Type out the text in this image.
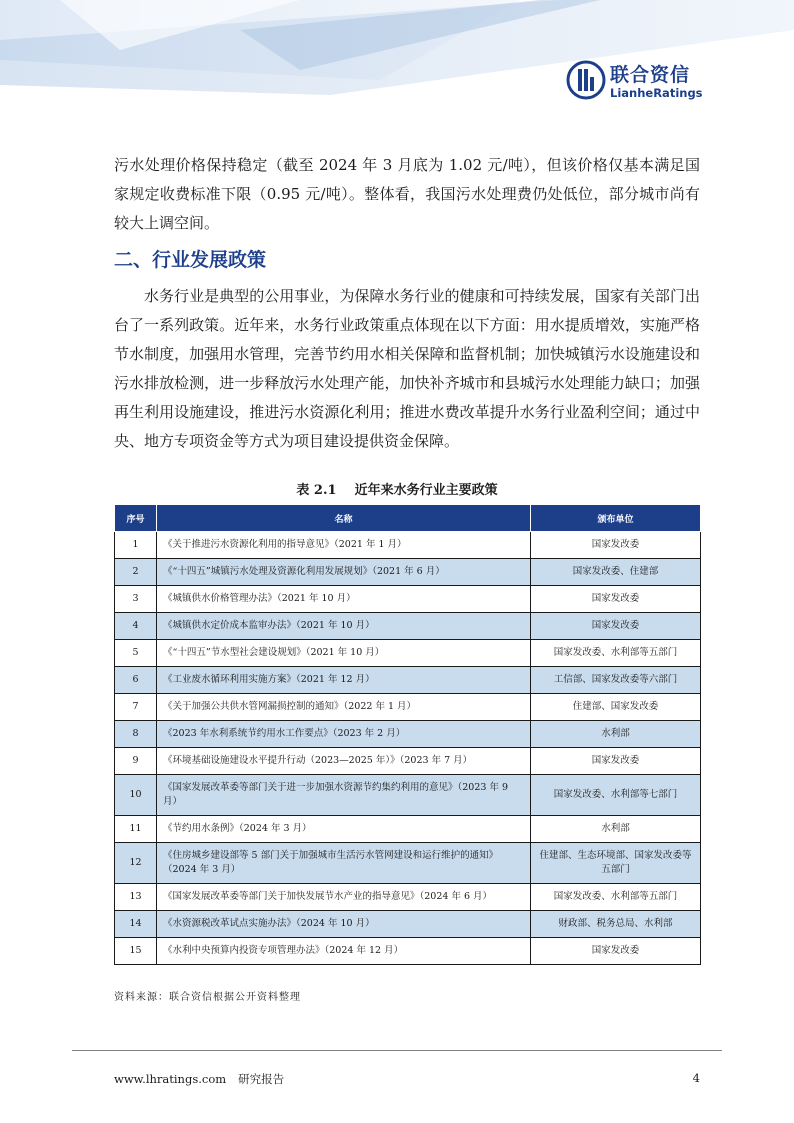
联合资信
LianheRatings

污水处理价格保持稳定（截至 2024 年 3 月底为 1.02 元/吨），但该价格仅基本满足国家规定收费标准下限（0.95 元/吨）。整体看，我国污水处理费仍处低位，部分城市尚有较大上调空间。

二、行业发展政策

水务行业是典型的公用事业，为保障水务行业的健康和可持续发展，国家有关部门出台了一系列政策。近年来，水务行业政策重点体现在以下方面：用水提质增效，实施严格节水制度，加强用水管理，完善节约用水相关保障和监督机制；加快城镇污水设施建设和污水排放检测，进一步释放污水处理产能，加快补齐城市和县城污水处理能力缺口；加强再生利用设施建设，推进污水资源化利用；推进水费改革提升水务行业盈利空间；通过中央、地方专项资金等方式为项目建设提供资金保障。

表 2.1    近年来水务行业主要政策
序号	名称	颁布单位
1	《关于推进污水资源化利用的指导意见》（2021 年 1 月）	国家发改委
2	《“十四五”城镇污水处理及资源化利用发展规划》（2021 年 6 月）	国家发改委、住建部
3	《城镇供水价格管理办法》（2021 年 10 月）	国家发改委
4	《城镇供水定价成本监审办法》（2021 年 10 月）	国家发改委
5	《“十四五”节水型社会建设规划》（2021 年 10 月）	国家发改委、水利部等五部门
6	《工业废水循环利用实施方案》（2021 年 12 月）	工信部、国家发改委等六部门
7	《关于加强公共供水管网漏损控制的通知》（2022 年 1 月）	住建部、国家发改委
8	《2023 年水利系统节约用水工作要点》（2023 年 2 月）	水利部
9	《环境基础设施建设水平提升行动（2023—2025 年）》（2023 年 7 月）	国家发改委
10	《国家发展改革委等部门关于进一步加强水资源节约集约利用的意见》（2023 年 9 月）	国家发改委、水利部等七部门
11	《节约用水条例》（2024 年 3 月）	水利部
12	《住房城乡建设部等 5 部门关于加强城市生活污水管网建设和运行维护的通知》（2024 年 3 月）	住建部、生态环境部、国家发改委等五部门
13	《国家发展改革委等部门关于加快发展节水产业的指导意见》（2024 年 6 月）	国家发改委、水利部等五部门
14	《水资源税改革试点实施办法》（2024 年 10 月）	财政部、税务总局、水利部
15	《水利中央预算内投资专项管理办法》（2024 年 12 月）	国家发改委
资料来源：联合资信根据公开资料整理
www.lhratings.com 研究报告	4
